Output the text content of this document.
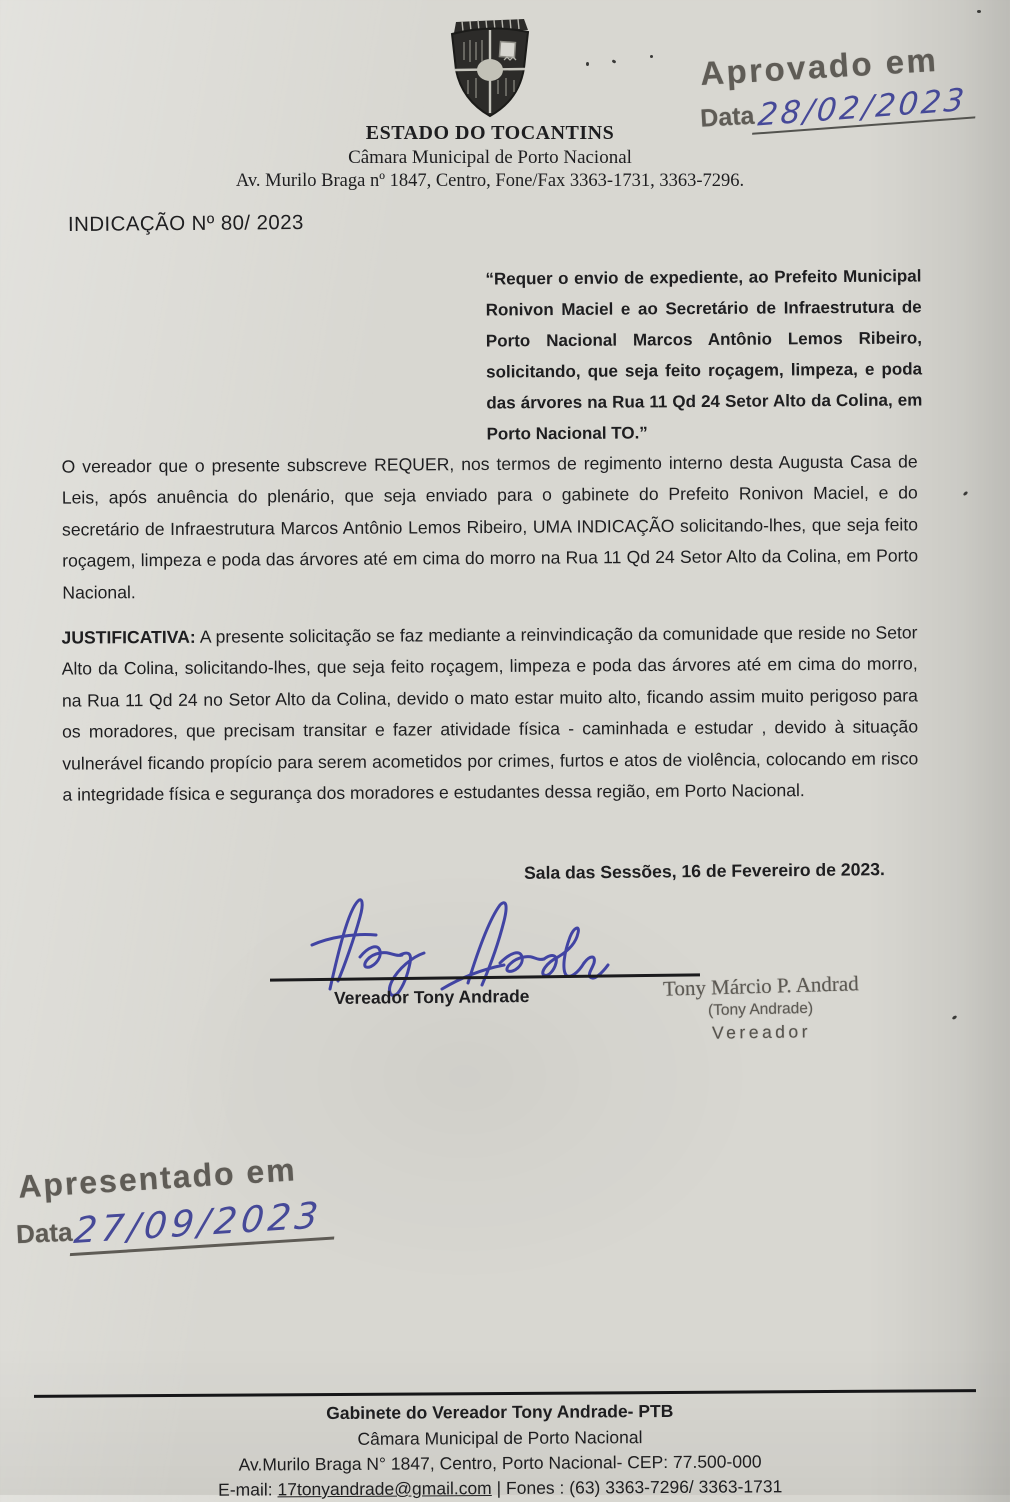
ESTADO DO TOCANTINS
Câmara Municipal de Porto Nacional
Av. Murilo Braga nº 1847, Centro, Fone/Fax 3363-1731, 3363-7296.
Aprovado em
Data28/02/2023
INDICAÇÃO Nº 80/ 2023
“Requer o envio de expediente, ao Prefeito Municipal Ronivon Maciel e ao Secretário de Infraestrutura de Porto Nacional Marcos Antônio Lemos Ribeiro, solicitando, que seja feito roçagem, limpeza, e poda das árvores na Rua 11 Qd 24 Setor Alto da Colina, em Porto Nacional TO.”
O vereador que o presente subscreve REQUER, nos termos de regimento interno desta Augusta Casa de Leis, após anuência do plenário, que seja enviado para o gabinete do Prefeito Ronivon Maciel, e do secretário de Infraestrutura Marcos Antônio Lemos Ribeiro, UMA INDICAÇÃO solicitando-lhes, que seja feito roçagem, limpeza e poda das árvores até em cima do morro na Rua 11 Qd 24 Setor Alto da Colina, em Porto Nacional.
JUSTIFICATIVA: A presente solicitação se faz mediante a reinvindicação da comunidade que reside no Setor Alto da Colina, solicitando-lhes, que seja feito roçagem, limpeza e poda das árvores até em cima do morro, na Rua 11 Qd 24 no Setor Alto da Colina, devido o mato estar muito alto, ficando assim muito perigoso para os moradores, que precisam transitar e fazer atividade física - caminhada e estudar , devido à situação vulnerável ficando propício para serem acometidos por crimes, furtos e atos de violência, colocando em risco a integridade física e segurança dos moradores e estudantes dessa região, em Porto Nacional.
Sala das Sessões, 16 de Fevereiro de 2023.
Vereador Tony Andrade	Tony Márcio P. Andrad
(Tony Andrade)
Vereador
Apresentado em
Data27/09/2023
Gabinete do Vereador Tony Andrade- PTB
Câmara Municipal de Porto Nacional
Av.Murilo Braga N° 1847, Centro, Porto Nacional- CEP: 77.500-000
E-mail: 17tonyandrade@gmail.com | Fones : (63) 3363-7296/ 3363-1731
